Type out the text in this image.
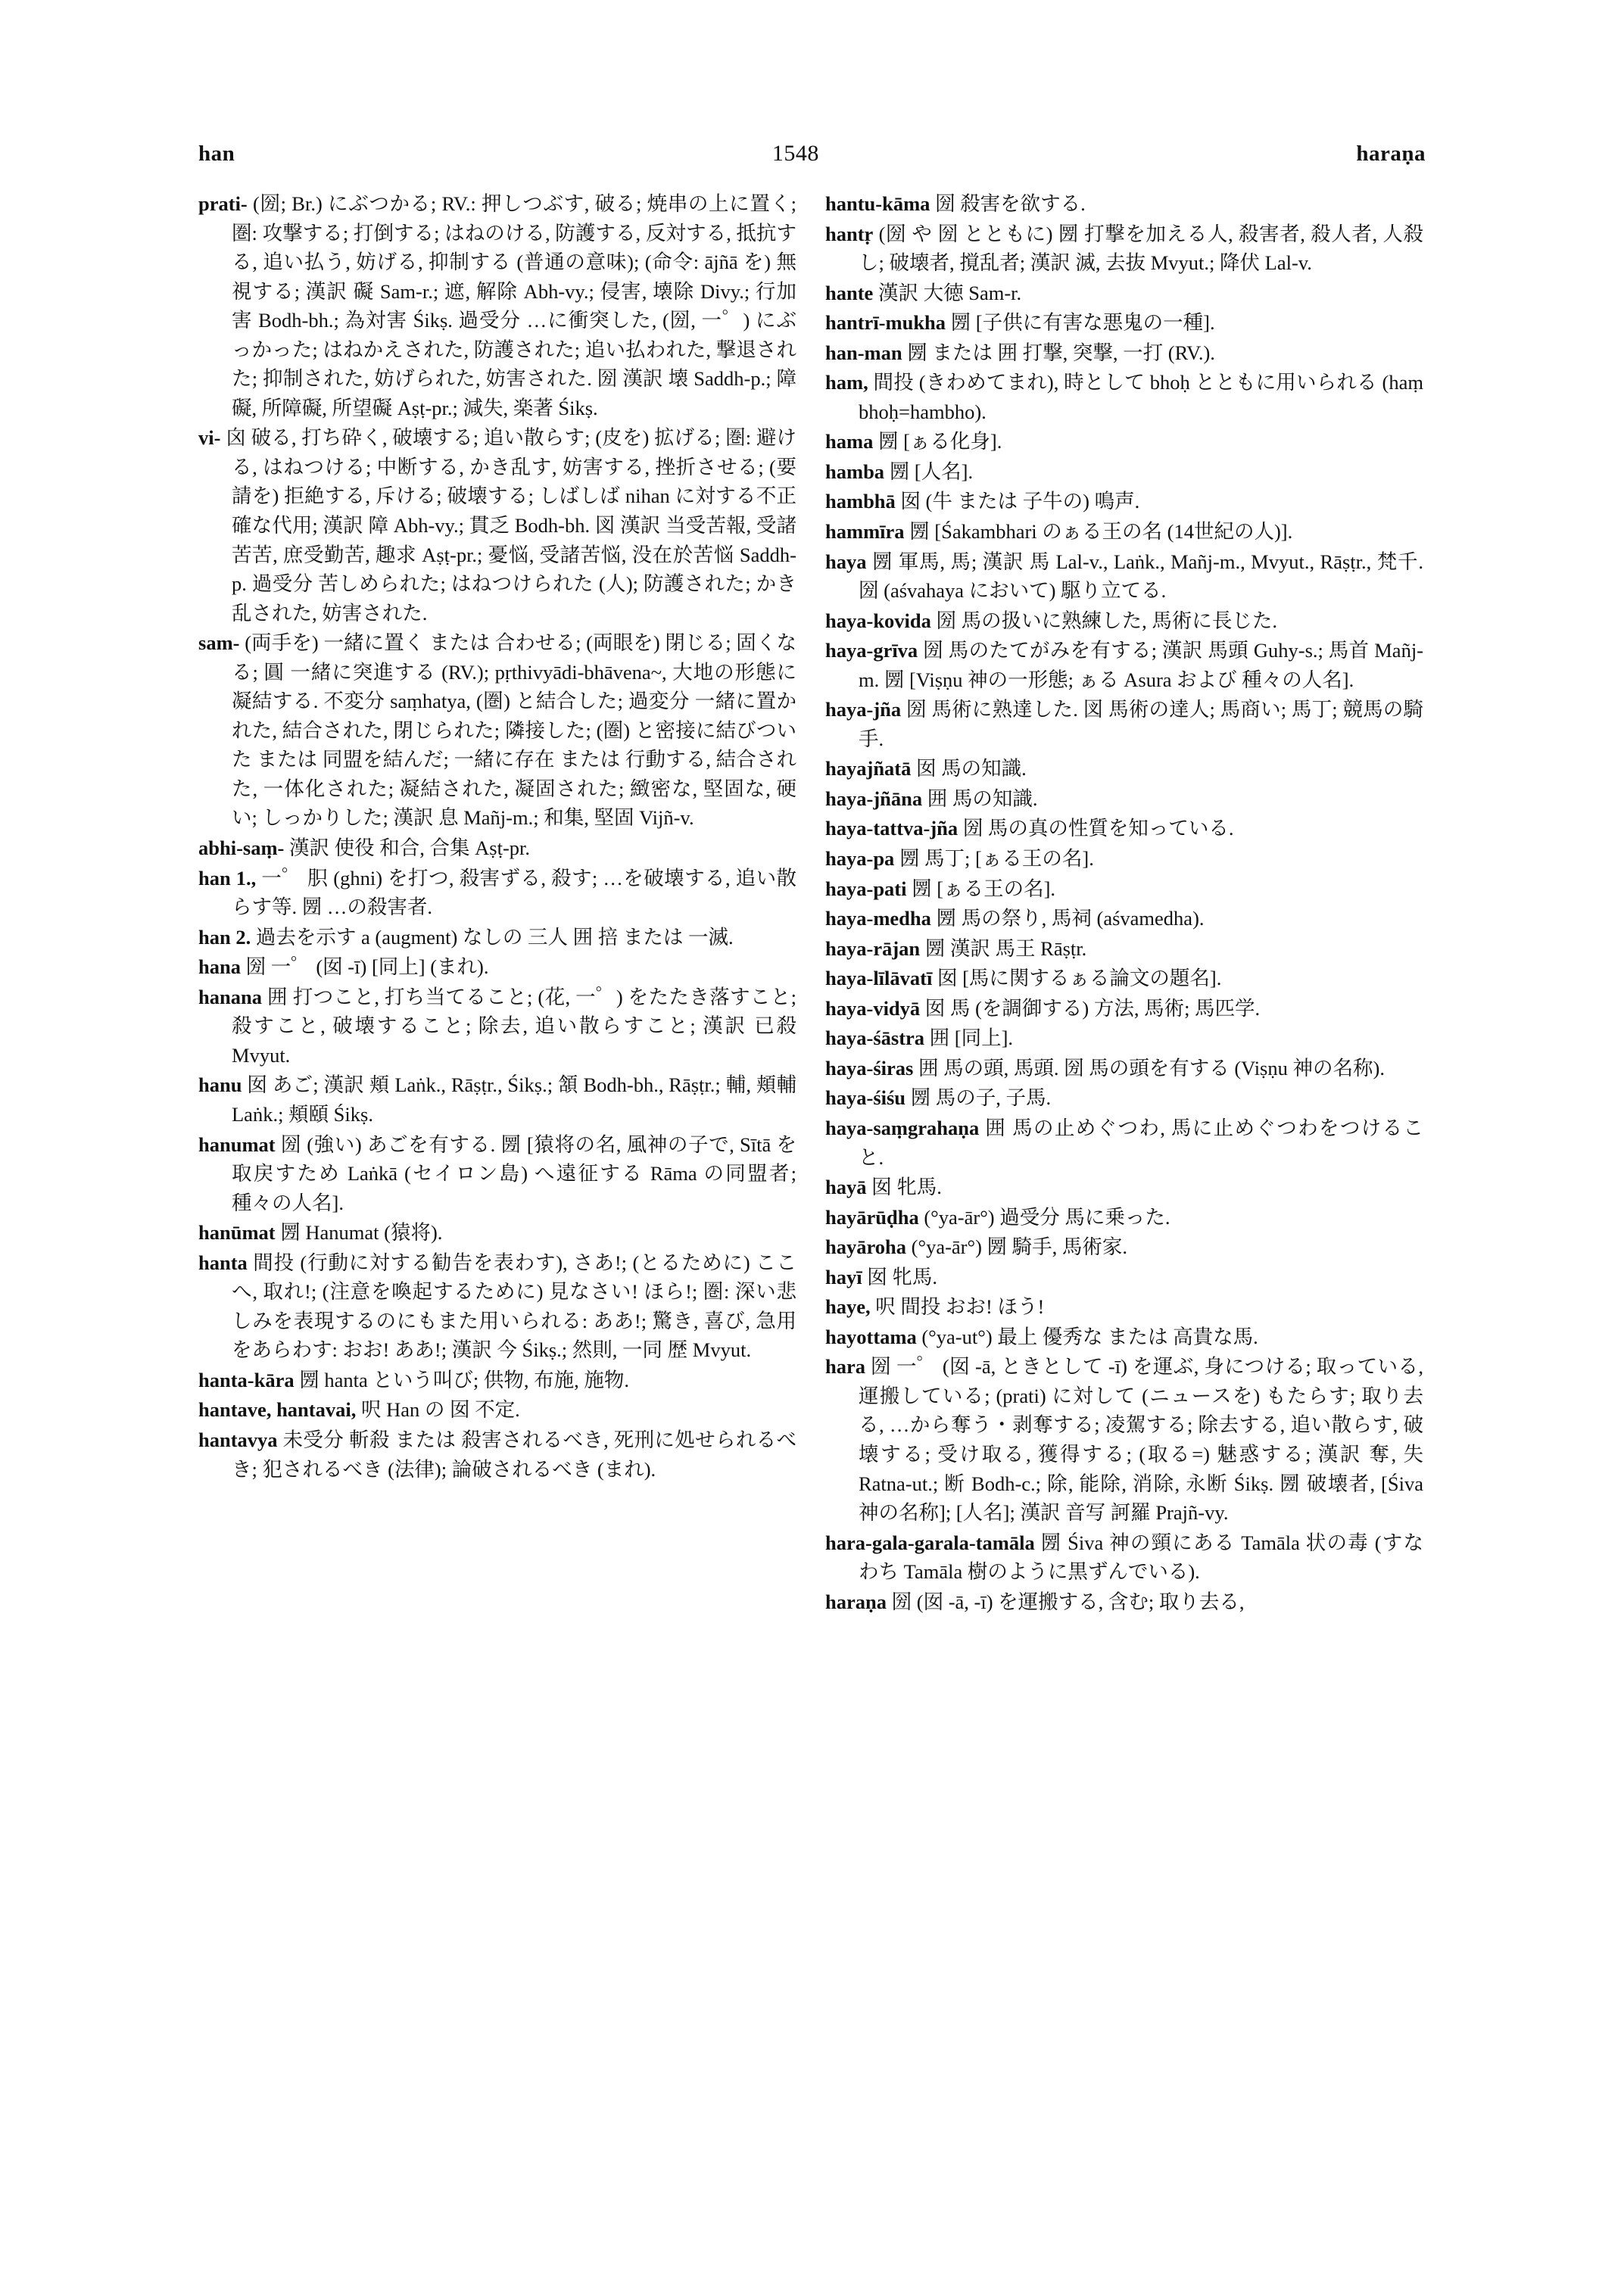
han	1548	haraṇa

prati- (圀; Br.) にぶつかる; RV.: 押しつぶす, 破る; 焼串の上に置く; 圏: 攻撃する; 打倒する; はねのける, 防護する, 反対する, 抵抗する, 追い払う, 妨げる, 抑制する (普通の意味); (命令: ājñā を) 無視する; 漢訳 礙 Sam-r.; 遮, 解除 Abh-vy.; 侵害, 壊除 Divy.; 行加害 Bodh-bh.; 為対害 Śikṣ. 過受分 …に衝突した, (圀, 一゜) にぶっかった; はねかえされた, 防護された; 追い払われた, 撃退された; 抑制された, 妨げられた, 妨害された. 圀 漢訳 壊 Saddh-p.; 障礙, 所障礙, 所望礙 Aṣṭ-pr.; 減失, 楽著 Śikṣ.

vi- 囟 破る, 打ち砕く, 破壊する; 追い散らす; (皮を) 拡げる; 圏: 避ける, はねつける; 中断する, かき乱す, 妨害する, 挫折させる; (要請を) 拒絶する, 斥ける; 破壊する; しばしば nihan に対する不正確な代用; 漢訳 障 Abh-vy.; 貫乏 Bodh-bh. 図 漢訳 当受苦報, 受諸苦苦, 庶受勤苦, 趣求 Aṣṭ-pr.; 憂悩, 受諸苦悩, 没在於苦悩 Saddh-p. 過受分 苦しめられた; はねつけられた (人); 防護された; かき乱された, 妨害された.

sam- (両手を) 一緒に置く または 合わせる; (両眼を) 閉じる; 固くなる; 圓 一緒に突進する (RV.); pṛthivyādi-bhāvena~, 大地の形態に凝結する. 不変分 saṃhatya, (圏) と結合した; 過変分 一緒に置かれた, 結合された, 閉じられた; 隣接した; (圏) と密接に結びついた または 同盟を結んだ; 一緒に存在 または 行動する, 結合された, 一体化された; 凝結された, 凝固された; 緻密な, 堅固な, 硬い; しっかりした; 漢訳 息 Mañj-m.; 和集, 堅固 Vijñ-v.

abhi-saṃ- 漢訳 使役 和合, 合集 Aṣṭ-pr.

han 1., 一゜ 胑 (ghni) を打つ, 殺害ずる, 殺す; …を破壊する, 追い散らす等. 圐 …の殺害者.

han 2. 過去を示す a (augment) なしの 三人 囲 掊 または 一滅.

hana 圀 一゜ (囡 -ī) [同上] (まれ).

hanana 囲 打つこと, 打ち当てること; (花, 一゜) をたたき落すこと; 殺すこと, 破壊すること; 除去, 追い散らすこと; 漢訳 已殺 Mvyut.

hanu 囡 あご; 漢訳 頬 Laṅk., Rāṣṭr., Śikṣ.; 頷 Bodh-bh., Rāṣṭr.; 輔, 頬輔 Laṅk.; 頬頤 Śikṣ.

hanumat 圀 (強い) あごを有する. 圐 [猿将の名, 風神の子で, Sītā を取戻すため Laṅkā (セイロン島) へ遠征する Rāma の同盟者; 種々の人名].

hanūmat 圐 Hanumat (猿将).

hanta 間投 (行動に対する勧告を表わす), さあ!; (とるために) ここへ, 取れ!; (注意を喚起するために) 見なさい! ほら!; 圏: 深い悲しみを表現するのにもまた用いられる: ああ!; 驚き, 喜び, 急用をあらわす: おお! ああ!; 漢訳 今 Śikṣ.; 然則, 一同 歴 Mvyut.

hanta-kāra 圐 hanta という叫び; 供物, 布施, 施物.

hantave, hantavai, 呎 Han の 囡 不定.

hantavya 未受分 斬殺 または 殺害されるべき, 死刑に処せられるべき; 犯されるべき (法律); 論破されるべき (まれ).

hantu-kāma 圀 殺害を欲する.

hantṛ (圀 や 圀 とともに) 圐 打撃を加える人, 殺害者, 殺人者, 人殺し; 破壊者, 撹乱者; 漢訳 滅, 去抜 Mvyut.; 降伏 Lal-v.

hante 漢訳 大徳 Sam-r.

hantrī-mukha 圐 [子供に有害な悪鬼の一種].

han-man 圐 または 囲 打撃, 突撃, 一打 (RV.).

ham, 間投 (きわめてまれ), 時として bhoḥ とともに用いられる (haṃ bhoḥ=hambho).

hama 圐 [ぁる化身].

hamba 圐 [人名].

hambhā 囡 (牛 または 子牛の) 鳴声.

hammīra 圐 [Śakambhari のぁる王の名 (14世紀の人)].

haya 圐 軍馬, 馬; 漢訳 馬 Lal-v., Laṅk., Mañj-m., Mvyut., Rāṣṭr., 梵千. 圀 (aśvahaya において) 駆り立てる.

haya-kovida 圀 馬の扱いに熟練した, 馬術に長じた.

haya-grīva 圀 馬のたてがみを有する; 漢訳 馬頭 Guhy-s.; 馬首 Mañj-m. 圐 [Viṣṇu 神の一形態; ぁる Asura および 種々の人名].

haya-jña 圀 馬術に熟達した. 図 馬術の達人; 馬商い; 馬丁; 競馬の騎手.

hayajñatā 囡 馬の知識.

haya-jñāna 囲 馬の知識.

haya-tattva-jña 圀 馬の真の性質を知っている.

haya-pa 圐 馬丁; [ぁる王の名].

haya-pati 圐 [ぁる王の名].

haya-medha 圐 馬の祭り, 馬祠 (aśvamedha).

haya-rājan 圐 漢訳 馬王 Rāṣṭr.

haya-līlāvatī 囡 [馬に関するぁる論文の題名].

haya-vidyā 囡 馬 (を調御する) 方法, 馬術; 馬匹学.

haya-śāstra 囲 [同上].

haya-śiras 囲 馬の頭, 馬頭. 圀 馬の頭を有する (Viṣṇu 神の名称).

haya-śiśu 圐 馬の子, 子馬.

haya-saṃgrahaṇa 囲 馬の止めぐつわ, 馬に止めぐつわをつけること.

hayā 囡 牝馬.

hayārūḍha (°ya-ār°) 過受分 馬に乗った.

hayāroha (°ya-ār°) 圐 騎手, 馬術家.

hayī 囡 牝馬.

haye, 呎 間投 おお! ほう!

hayottama (°ya-ut°) 最上 優秀な または 高貴な馬.

hara 圀 一゜ (囡 -ā, ときとして -ī) を運ぶ, 身につける; 取っている, 運搬している; (prati) に対して (ニュースを) もたらす; 取り去る, …から奪う・剥奪する; 凌駕する; 除去する, 追い散らす, 破壊する; 受け取る, 獲得する; (取る=) 魅惑する; 漢訳 奪, 失 Ratna-ut.; 断 Bodh-c.; 除, 能除, 消除, 永断 Śikṣ. 圐 破壊者, [Śiva 神の名称]; [人名]; 漢訳 音写 訶羅 Prajñ-vy.

hara-gala-garala-tamāla 圐 Śiva 神の頸にある Tamāla 状の毒 (すなわち Tamāla 樹のように黒ずんでいる).

haraṇa 圀 (囡 -ā, -ī) を運搬する, 含む; 取り去る,
